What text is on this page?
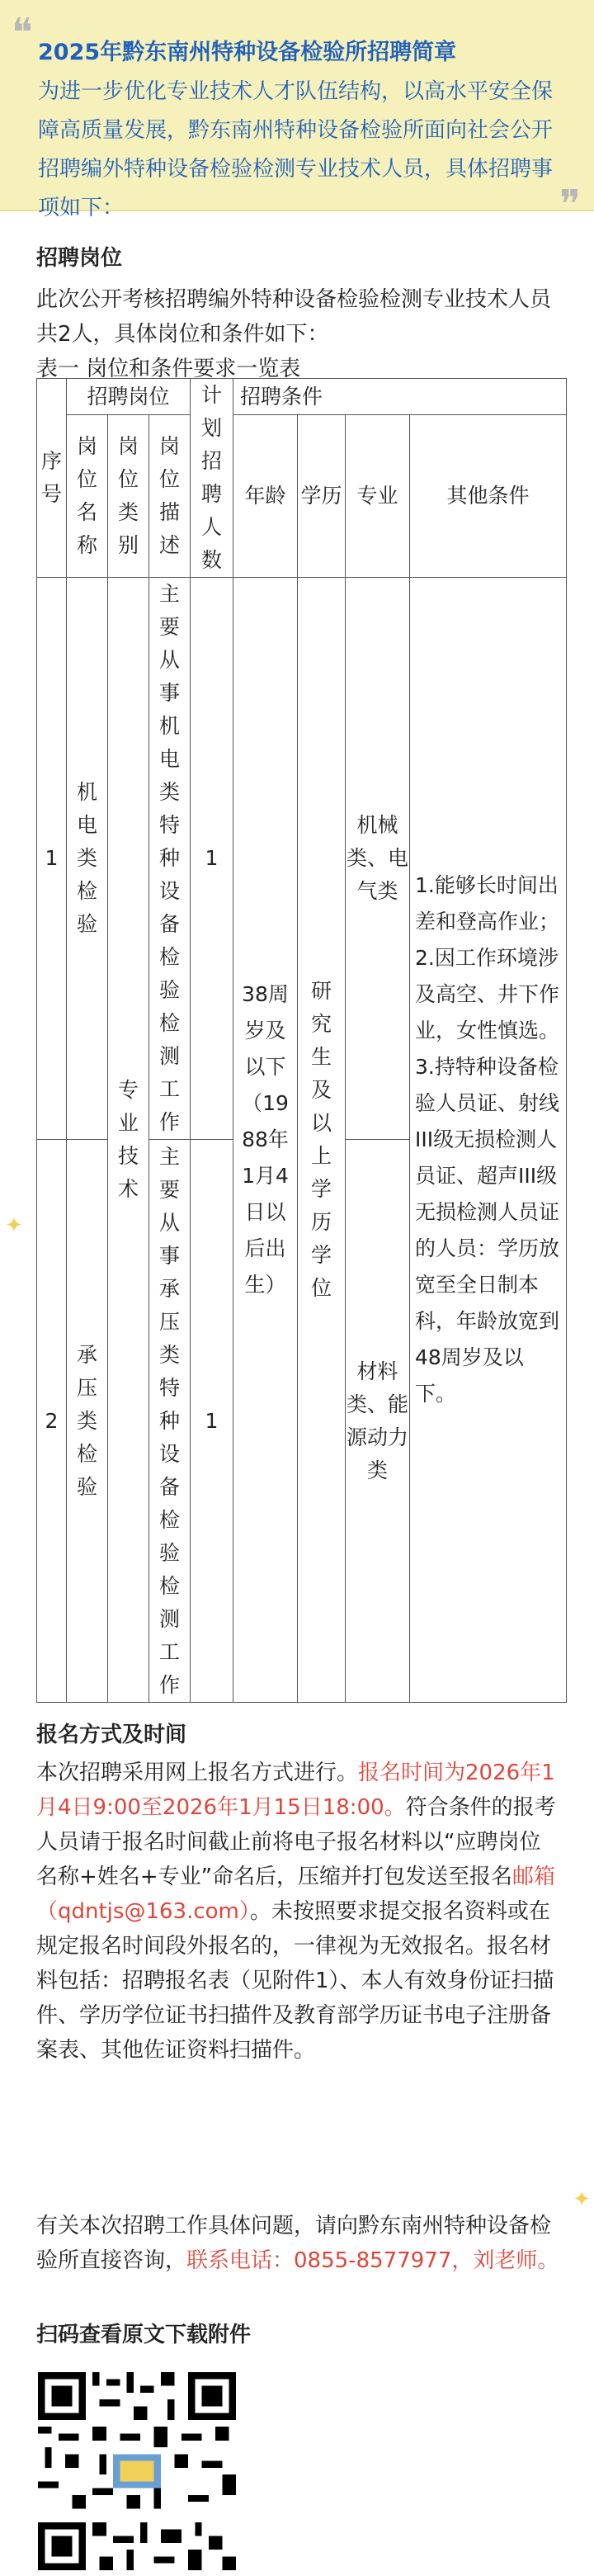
❝ 2025年黔东南州特种设备检验所招聘简章
为进一步优化专业技术人才队伍结构，以高水平安全保障高质量发展，黔东南州特种设备检验所面向社会公开招聘编外特种设备检验检测专业技术人员，具体招聘事项如下：	❞
招聘岗位
此次公开考核招聘编外特种设备检验检测专业技术人员共2人，具体岗位和条件如下：
表一 岗位和条件要求一览表
序号	招聘岗位			计划招聘人数	招聘条件			
	岗位名称	岗位类别	岗位描述		年龄	学历	专业	其他条件
1	机电类检验	专业技术	主要从事机电类特种设备检验检测工作	1	38周岁及以下（1988年1月4日以后出生）	研究生及以上学历学位	机械类、电气类	1.能够长时间出差和登高作业；2.因工作环境涉及高空、井下作业，女性慎选。3.持特种设备检验人员证、射线III级无损检测人员证、超声III级无损检测人员证的人员：学历放宽至全日制本科，年龄放宽到48周岁及以下。
2	承压类检验		主要从事承压类特种设备检验检测工作	1			材料类、能源动力类	
✦
报名方式及时间
本次招聘采用网上报名方式进行。报名时间为2026年1月4日9:00至2026年1月15日18:00。符合条件的报考人员请于报名时间截止前将电子报名材料以“应聘岗位名称+姓名+专业”命名后，压缩并打包发送至报名邮箱（qdntjs@163.com）。未按照要求提交报名资料或在规定报名时间段外报名的，一律视为无效报名。报名材料包括：招聘报名表（见附件1）、本人有效身份证扫描件、学历学位证书扫描件及教育部学历证书电子注册备案表、其他佐证资料扫描件。
有关本次招聘工作具体问题，请向黔东南州特种设备检验所直接咨询，联系电话：0855-8577977，刘老师。
✦
扫码查看原文下载附件
